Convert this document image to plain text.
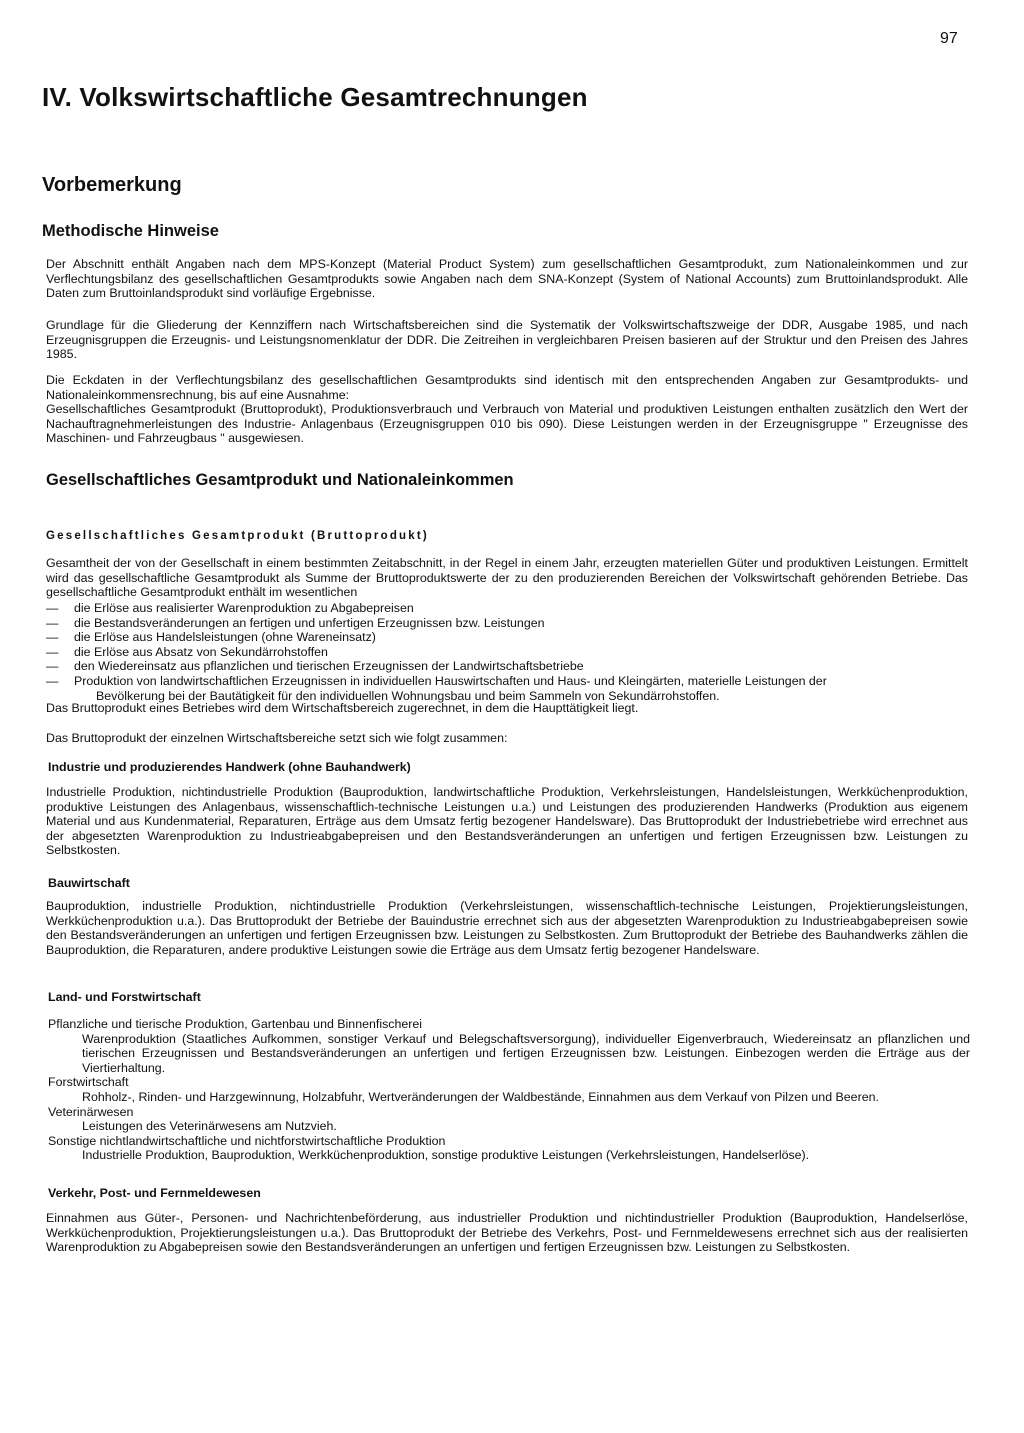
97
IV. Volkswirtschaftliche Gesamtrechnungen
Vorbemerkung
Methodische Hinweise
Der Abschnitt enthält Angaben nach dem MPS-Konzept (Material Product System) zum gesellschaftlichen Gesamtprodukt, zum Nationaleinkommen und zur Verflechtungsbilanz des gesellschaftlichen Gesamtprodukts sowie Angaben nach dem SNA-Konzept (System of National Accounts) zum Bruttoinlandsprodukt. Alle Daten zum Bruttoinlandsprodukt sind vorläufige Ergebnisse.
Grundlage für die Gliederung der Kennziffern nach Wirtschaftsbereichen sind die Systematik der Volkswirtschaftszweige der DDR, Ausgabe 1985, und nach Erzeugnisgruppen die Erzeugnis- und Leistungsnomenklatur der DDR. Die Zeitreihen in vergleichbaren Preisen basieren auf der Struktur und den Preisen des Jahres 1985.
Die Eckdaten in der Verflechtungsbilanz des gesellschaftlichen Gesamtprodukts sind identisch mit den entsprechenden Angaben zur Gesamtprodukts- und Nationaleinkommensrechnung, bis auf eine Ausnahme:
Gesellschaftliches Gesamtprodukt (Bruttoprodukt), Produktionsverbrauch und Verbrauch von Material und produktiven Leistungen enthalten zusätzlich den Wert der Nachauftragnehmerleistungen des Industrie- Anlagenbaus (Erzeugnisgruppen 010 bis 090). Diese Leistungen werden in der Erzeugnisgruppe " Erzeugnisse des Maschinen- und Fahrzeugbaus " ausgewiesen.
Gesellschaftliches Gesamtprodukt und Nationaleinkommen
Gesellschaftliches Gesamtprodukt (Bruttoprodukt)
Gesamtheit der von der Gesellschaft in einem bestimmten Zeitabschnitt, in der Regel in einem Jahr, erzeugten materiellen Güter und produktiven Leistungen. Ermittelt wird das gesellschaftliche Gesamtprodukt als Summe der Bruttoproduktswerte der zu den produzierenden Bereichen der Volkswirtschaft gehörenden Betriebe. Das gesellschaftliche Gesamtprodukt enthält im wesentlichen
— die Erlöse aus realisierter Warenproduktion zu Abgabepreisen
— die Bestandsveränderungen an fertigen und unfertigen Erzeugnissen bzw. Leistungen
— die Erlöse aus Handelsleistungen (ohne Wareneinsatz)
— die Erlöse aus Absatz von Sekundärrohstoffen
— den Wiedereinsatz aus pflanzlichen und tierischen Erzeugnissen der Landwirtschaftsbetriebe
— Produktion von landwirtschaftlichen Erzeugnissen in individuellen Hauswirtschaften und Haus- und Kleingärten, materielle Leistungen der
Bevölkerung bei der Bautätigkeit für den individuellen Wohnungsbau und beim Sammeln von Sekundärrohstoffen.
Das Bruttoprodukt eines Betriebes wird dem Wirtschaftsbereich zugerechnet, in dem die Haupttätigkeit liegt.
Das Bruttoprodukt der einzelnen Wirtschaftsbereiche setzt sich wie folgt zusammen:
Industrie und produzierendes Handwerk (ohne Bauhandwerk)
Industrielle Produktion, nichtindustrielle Produktion (Bauproduktion, landwirtschaftliche Produktion, Verkehrsleistungen, Handelsleistungen, Werkküchenproduktion, produktive Leistungen des Anlagenbaus, wissenschaftlich-technische Leistungen u.a.) und Leistungen des produzierenden Handwerks (Produktion aus eigenem Material und aus Kundenmaterial, Reparaturen, Erträge aus dem Umsatz fertig bezogener Handelsware). Das Bruttoprodukt der Industriebetriebe wird errechnet aus der abgesetzten Warenproduktion zu Industrieabgabepreisen und den Bestandsveränderungen an unfertigen und fertigen Erzeugnissen bzw. Leistungen zu Selbstkosten.
Bauwirtschaft
Bauproduktion, industrielle Produktion, nichtindustrielle Produktion (Verkehrsleistungen, wissenschaftlich-technische Leistungen, Projektierungsleistungen, Werkküchenproduktion u.a.). Das Bruttoprodukt der Betriebe der Bauindustrie errechnet sich aus der abgesetzten Warenproduktion zu Industrieabgabepreisen sowie den Bestandsveränderungen an unfertigen und fertigen Erzeugnissen bzw. Leistungen zu Selbstkosten. Zum Bruttoprodukt der Betriebe des Bauhandwerks zählen die Bauproduktion, die Reparaturen, andere produktive Leistungen sowie die Erträge aus dem Umsatz fertig bezogener Handelsware.
Land- und Forstwirtschaft
Pflanzliche und tierische Produktion, Gartenbau und Binnenfischerei
Warenproduktion (Staatliches Aufkommen, sonstiger Verkauf und Belegschaftsversorgung), individueller Eigenverbrauch, Wiedereinsatz an pflanzlichen und tierischen Erzeugnissen und Bestandsveränderungen an unfertigen und fertigen Erzeugnissen bzw. Leistungen. Einbezogen werden die Erträge aus der Viertierhaltung.
Forstwirtschaft
Rohholz-, Rinden- und Harzgewinnung, Holzabfuhr, Wertveränderungen der Waldbestände, Einnahmen aus dem Verkauf von Pilzen und Beeren.
Veterinärwesen
Leistungen des Veterinärwesens am Nutzvieh.
Sonstige nichtlandwirtschaftliche und nichtforstwirtschaftliche Produktion
Industrielle Produktion, Bauproduktion, Werkküchenproduktion, sonstige produktive Leistungen (Verkehrsleistungen, Handelserlöse).
Verkehr, Post- und Fernmeldewesen
Einnahmen aus Güter-, Personen- und Nachrichtenbeförderung, aus industrieller Produktion und nichtindustrieller Produktion (Bauproduktion, Handelserlöse, Werkküchenproduktion, Projektierungsleistungen u.a.). Das Bruttoprodukt der Betriebe des Verkehrs, Post- und Fernmeldewesens errechnet sich aus der realisierten Warenproduktion zu Abgabepreisen sowie den Bestandsveränderungen an unfertigen und fertigen Erzeugnissen bzw. Leistungen zu Selbstkosten.
